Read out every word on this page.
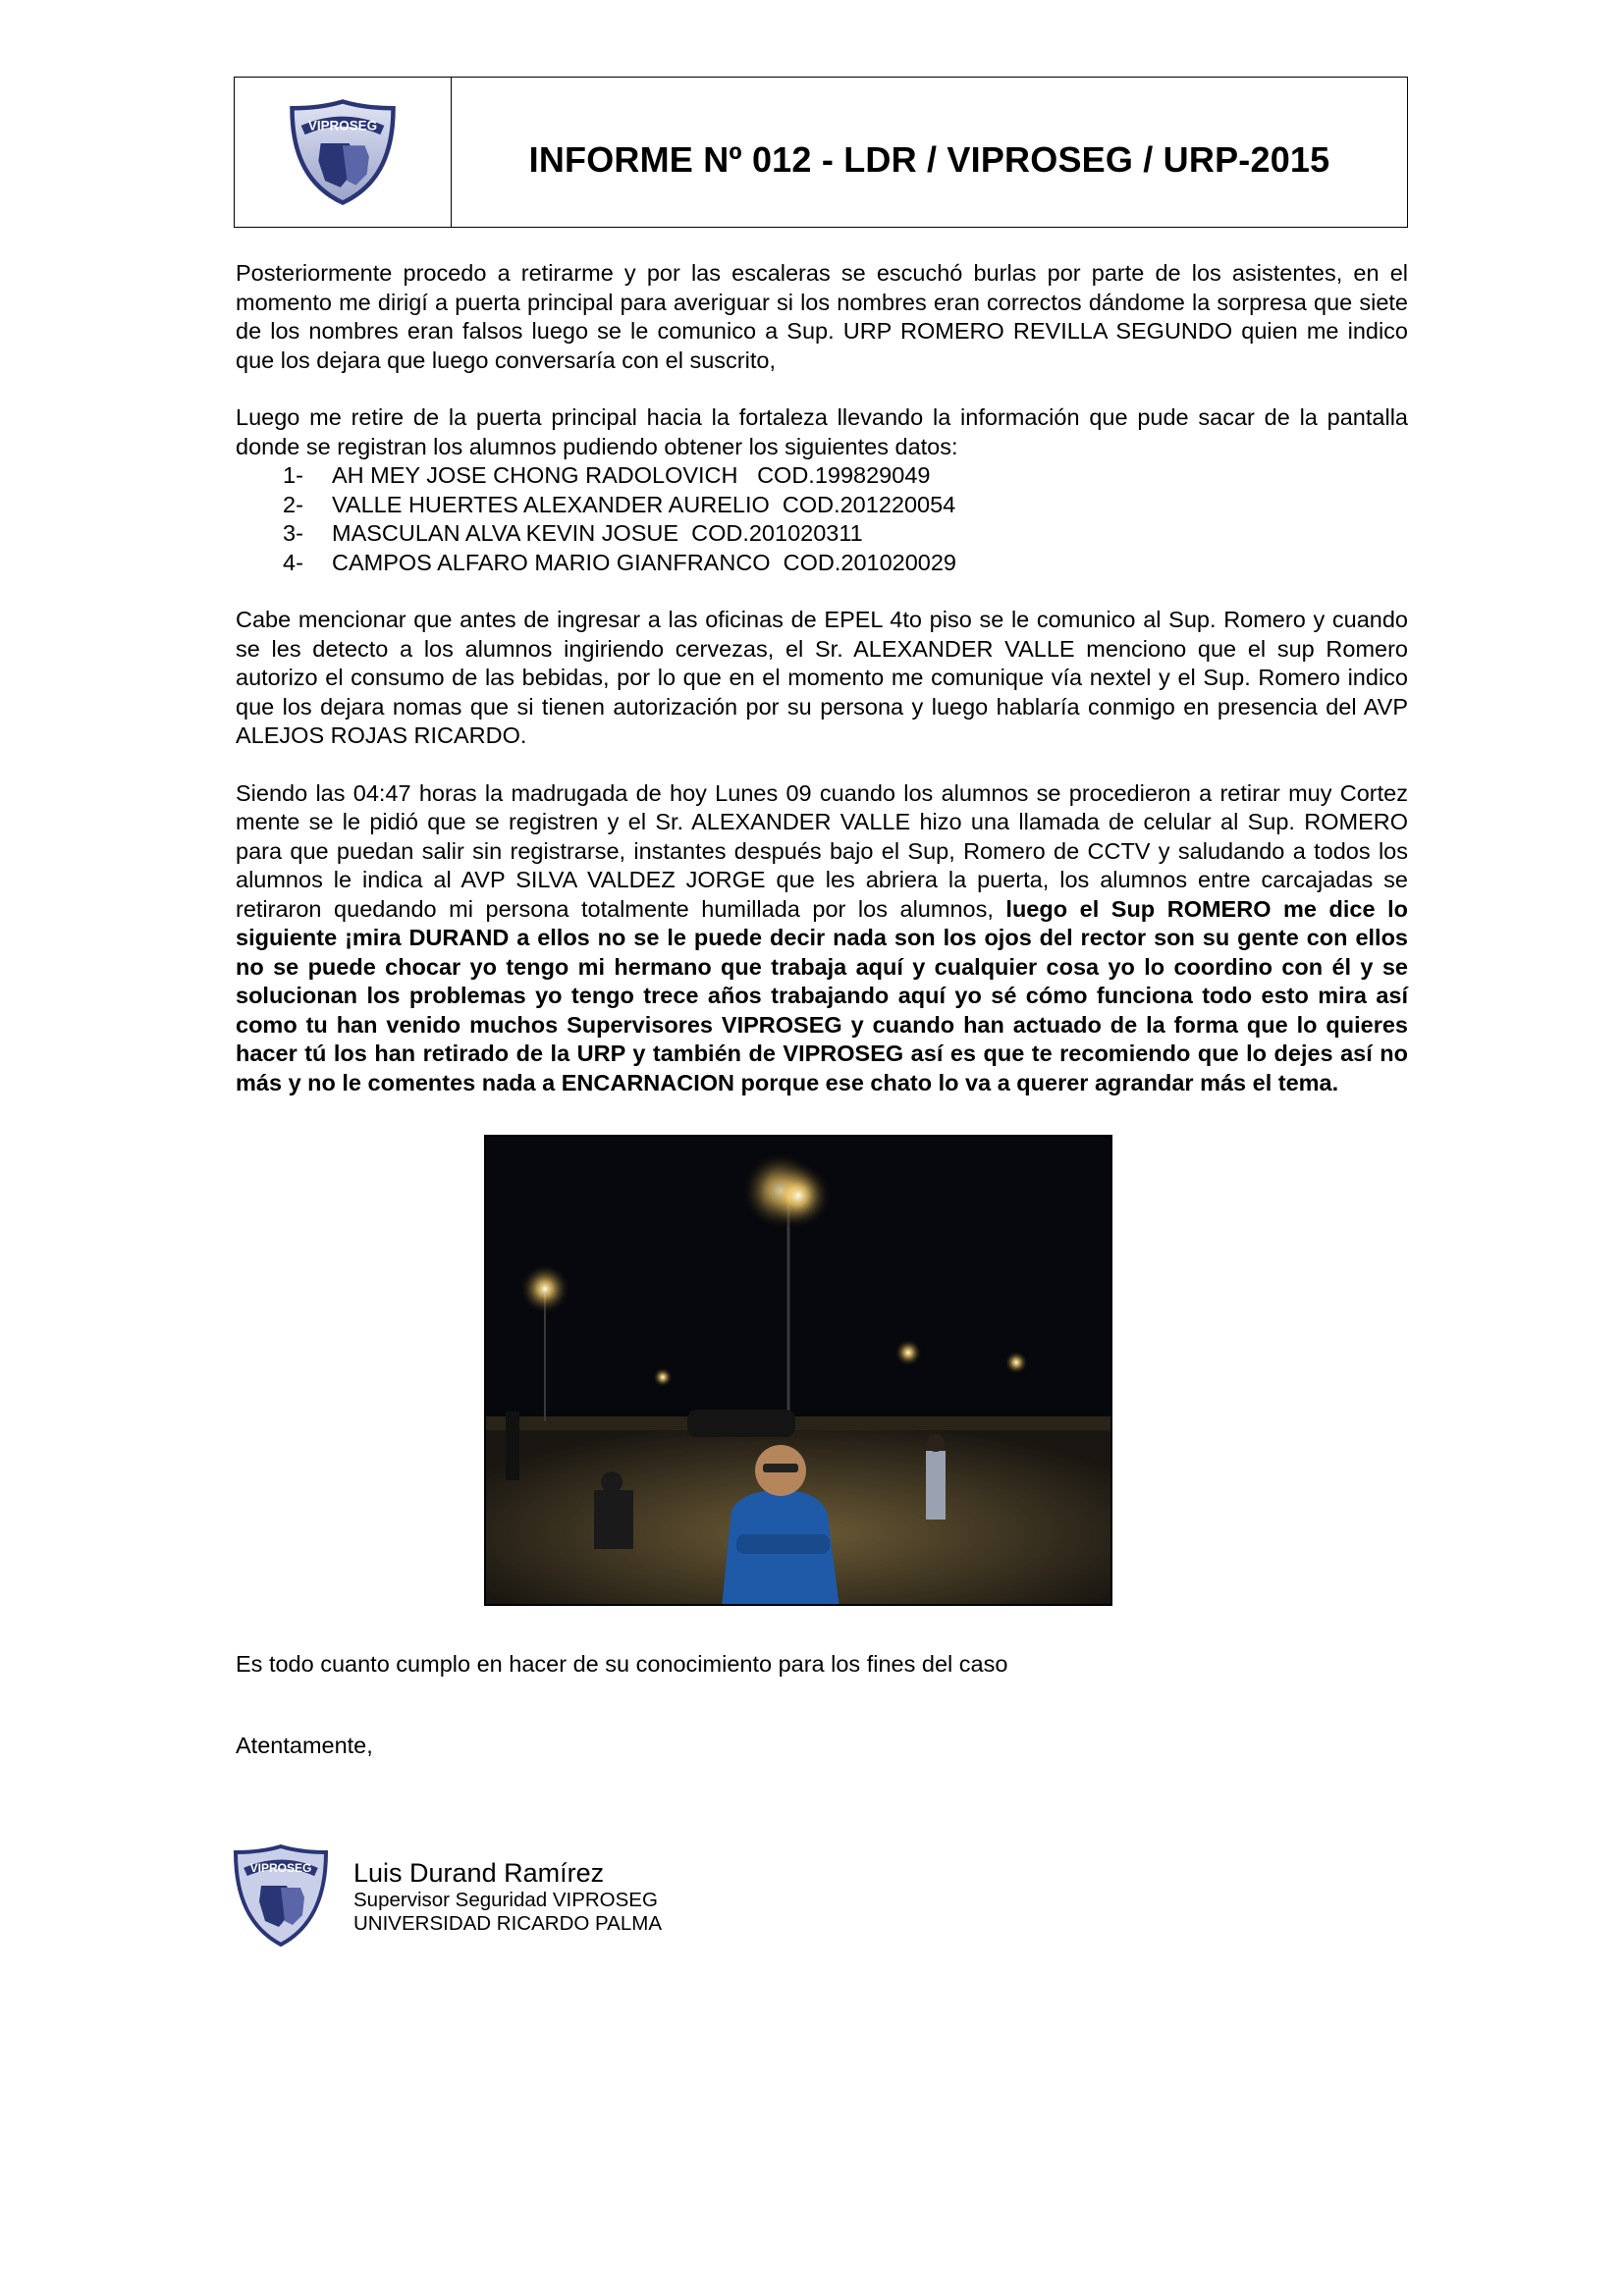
VIPROSEG
INFORME Nº 012 - LDR / VIPROSEG / URP-2015

Posteriormente procedo a retirarme y por las escaleras se escuchó burlas por parte de los asistentes, en el momento me dirigí a puerta principal para averiguar si los nombres eran correctos dándome la sorpresa que siete de los nombres eran falsos luego se le comunico a Sup. URP ROMERO REVILLA SEGUNDO quien me indico que los dejara que luego conversaría con el suscrito,

Luego me retire de la puerta principal hacia la fortaleza llevando la información que pude sacar de la pantalla donde se registran los alumnos pudiendo obtener los siguientes datos:

1-	AH MEY JOSE CHONG RADOLOVICH   COD.199829049
2-	VALLE HUERTES ALEXANDER AURELIO  COD.201220054
3-	MASCULAN ALVA KEVIN JOSUE  COD.201020311
4-	CAMPOS ALFARO MARIO GIANFRANCO  COD.201020029

Cabe mencionar que antes de ingresar a las oficinas de EPEL 4to piso se le comunico al Sup. Romero y cuando se les detecto a los alumnos ingiriendo cervezas, el Sr. ALEXANDER VALLE menciono que el sup Romero autorizo el consumo de las bebidas, por lo que en el momento me comunique vía nextel y el Sup. Romero indico que los dejara nomas que si tienen autorización por su persona y luego hablaría conmigo en presencia del AVP ALEJOS ROJAS RICARDO.

Siendo las 04:47 horas la madrugada de hoy Lunes 09 cuando los alumnos se procedieron a retirar muy Cortez mente se le pidió que se registren y el Sr. ALEXANDER VALLE hizo una llamada de celular al Sup. ROMERO para que puedan salir sin registrarse, instantes después bajo el Sup, Romero de CCTV y saludando a todos los alumnos le indica al AVP SILVA VALDEZ JORGE que les abriera la puerta, los alumnos entre carcajadas se retiraron quedando mi persona totalmente humillada por los alumnos, luego el Sup ROMERO me dice lo siguiente ¡mira DURAND a ellos no se le puede decir nada son los ojos del rector son su gente con ellos no se puede chocar yo tengo mi hermano que trabaja aquí y cualquier cosa yo lo coordino con él y se solucionan los problemas yo tengo trece años trabajando aquí yo sé cómo funciona todo esto mira así como tu han venido muchos Supervisores VIPROSEG y cuando han actuado de la forma que lo quieres hacer tú los han retirado de la URP y también de VIPROSEG así es que te recomiendo que lo dejes así no más y no le comentes nada a ENCARNACION porque ese chato lo va a querer agrandar más el tema.

Es todo cuanto cumplo en hacer de su conocimiento para los fines del caso
Atentamente,
VIPROSEG Luis Durand Ramírez
Supervisor Seguridad VIPROSEG
UNIVERSIDAD RICARDO PALMA
